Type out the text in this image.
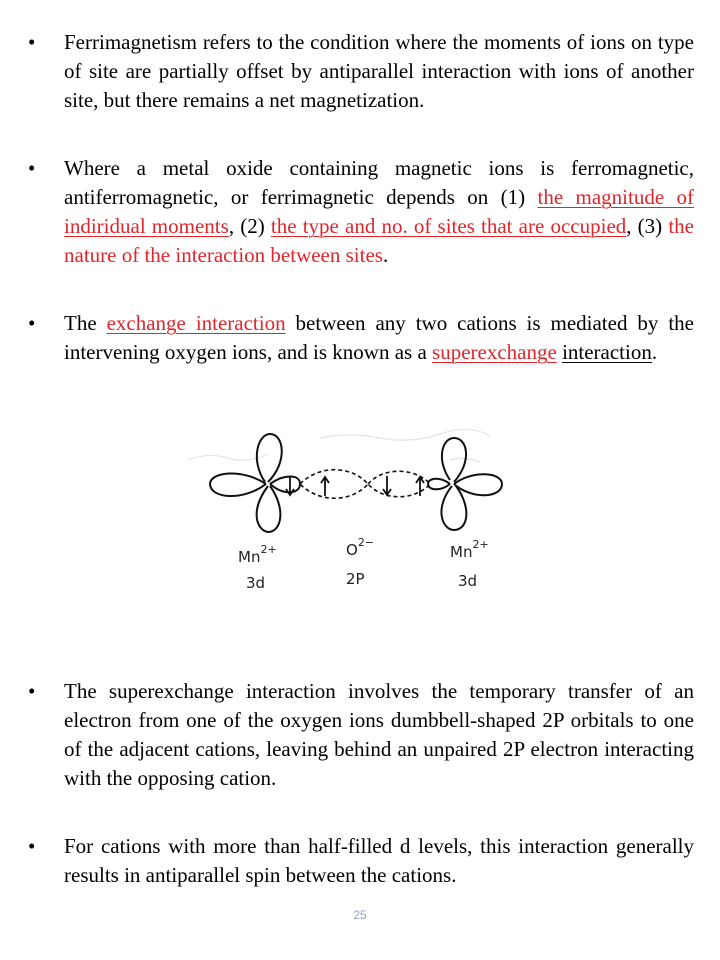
•	Ferrimagnetism refers to the condition where the moments of ions on type of site are partially offset by antiparallel interaction with ions of another site, but there remains a net magnetization.
•	Where a metal oxide containing magnetic ions is ferromagnetic, antiferromagnetic, or ferrimagnetic depends on (1) the magnitude of indiridual moments, (2) the type and no. of sites that are occupied, (3) the nature of the interaction between sites.
•	The exchange interaction between any two cations is mediated by the intervening oxygen ions, and is known as a superexchange interaction.
$Mn^{2+}$
3d
$O^{2-}$
2P
$Mn^{2+}$
3d
•	The superexchange interaction involves the temporary transfer of an electron from one of the oxygen ions dumbbell-shaped 2P orbitals to one of the adjacent cations, leaving behind an unpaired 2P electron interacting with the opposing cation.
•	For cations with more than half-filled d levels, this interaction generally results in antiparallel spin between the cations.
25
